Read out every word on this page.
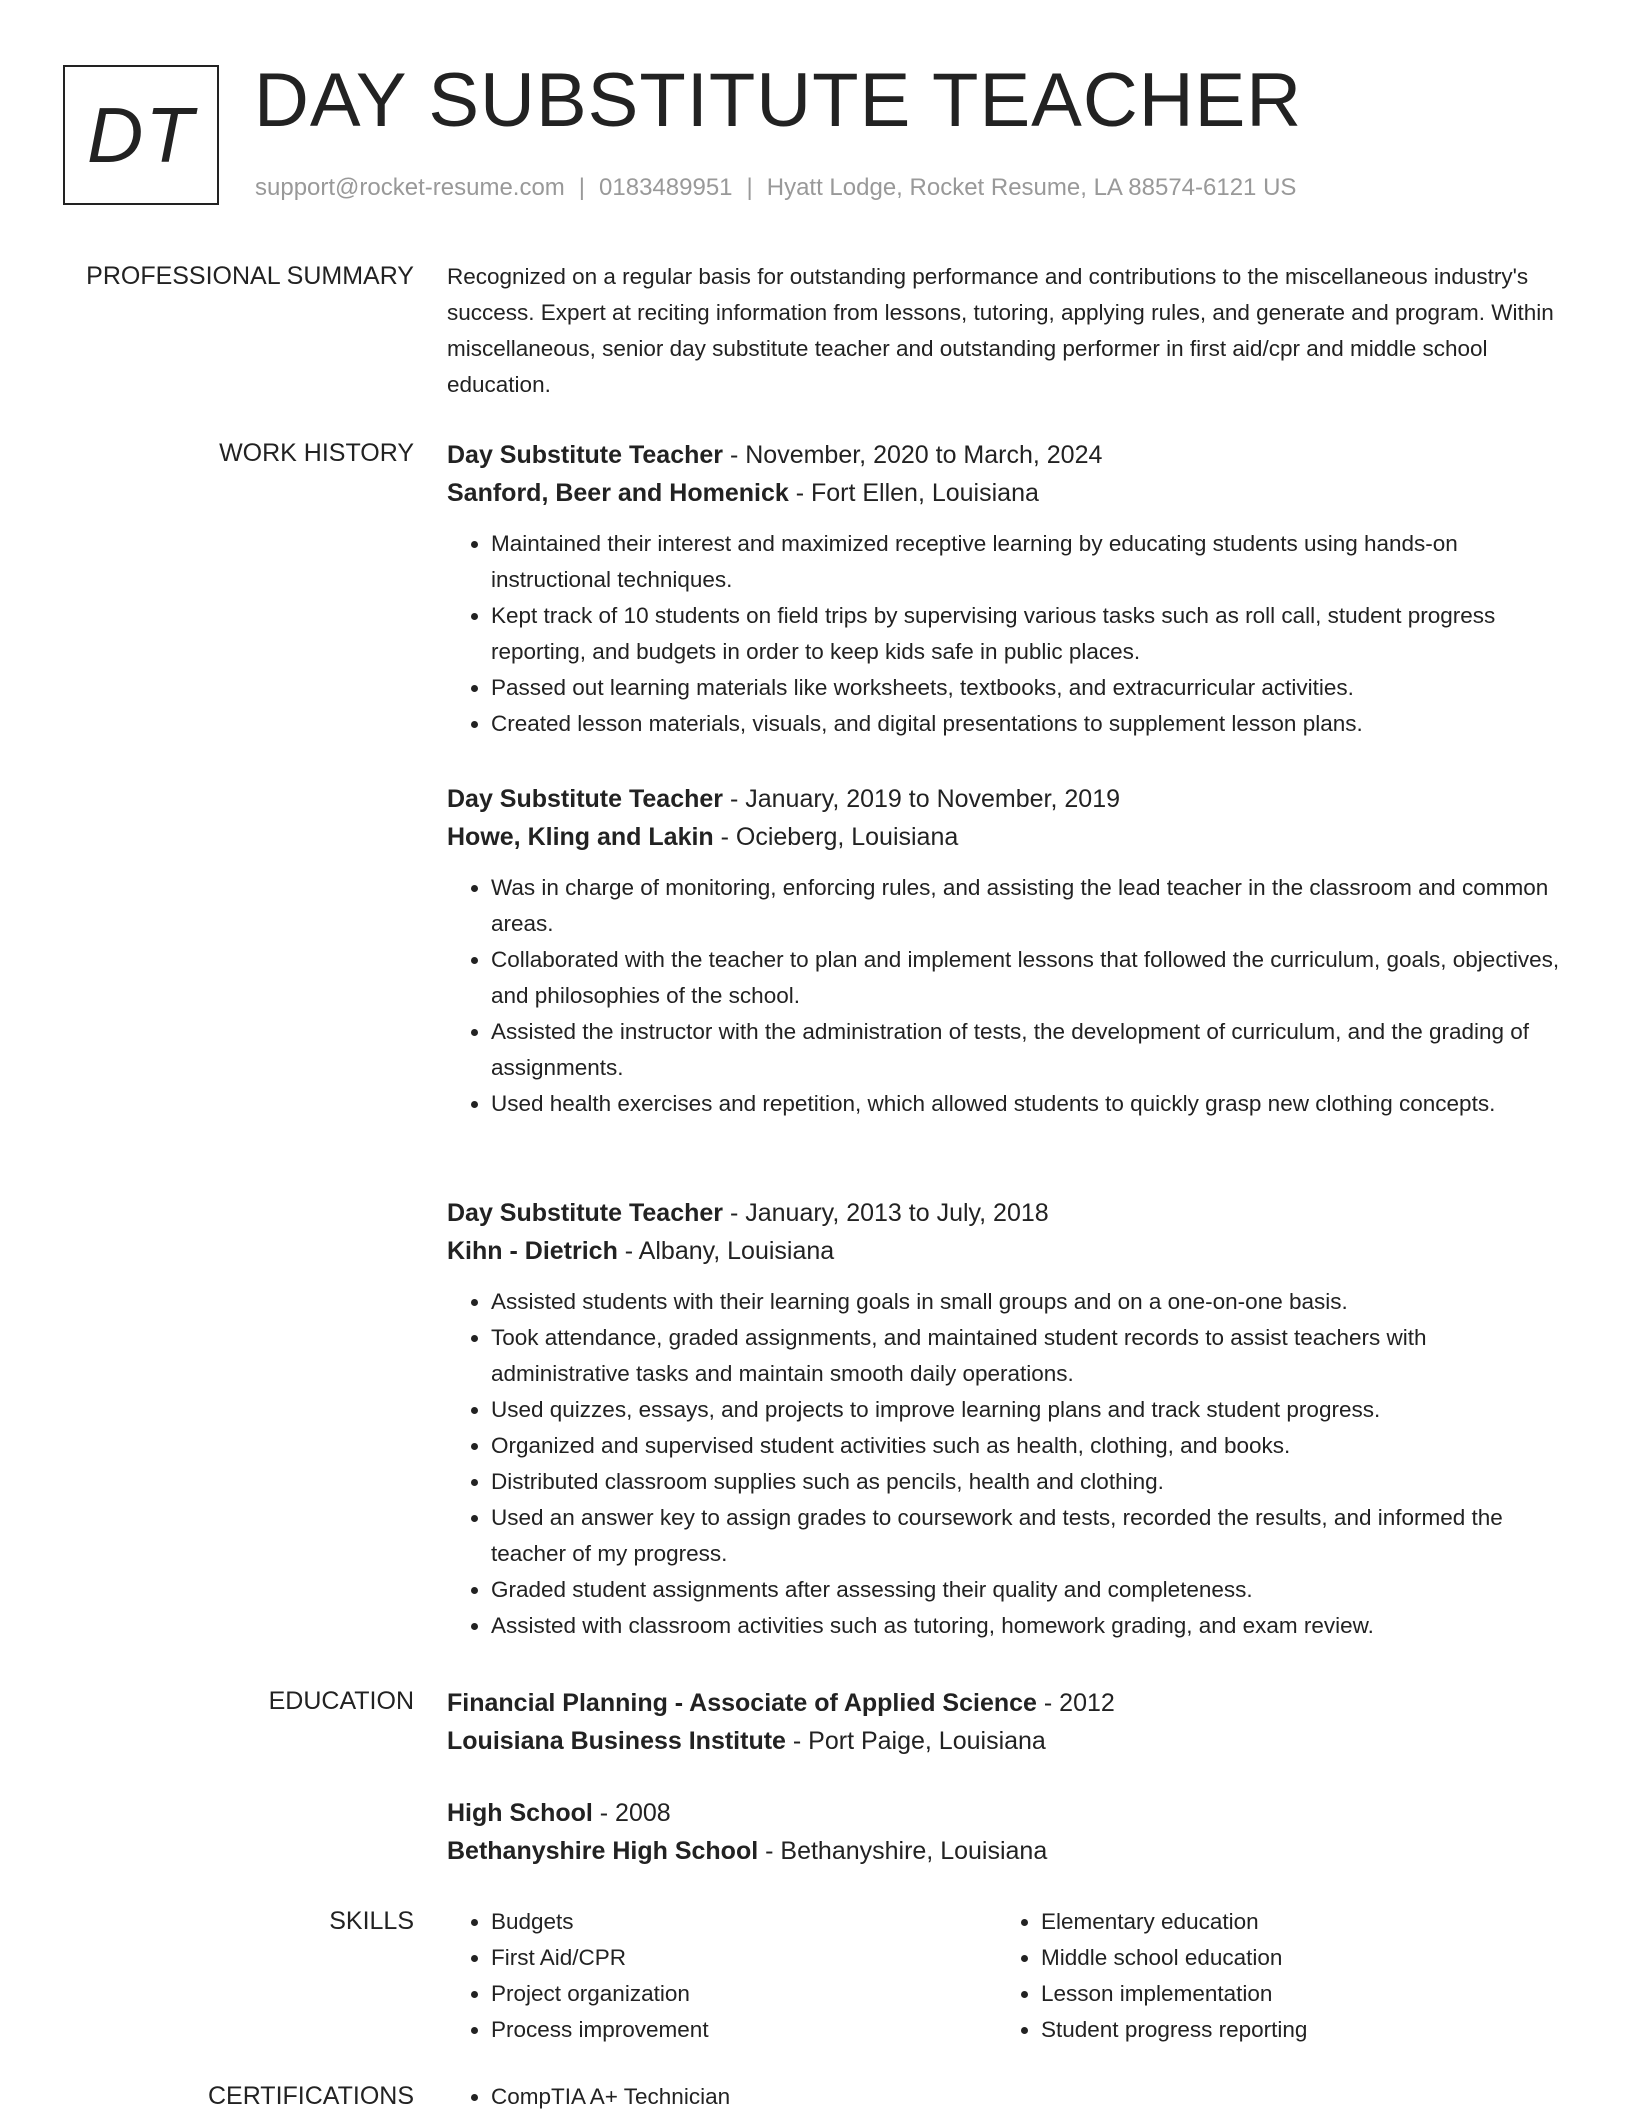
DT DAY SUBSTITUTE TEACHER
support@rocket-resume.com | 0183489951 | Hyatt Lodge, Rocket Resume, LA 88574-6121 US
PROFESSIONAL SUMMARY Recognized on a regular basis for outstanding performance and contributions to the miscellaneous industry's success. Expert at reciting information from lessons, tutoring, applying rules, and generate and program. Within miscellaneous, senior day substitute teacher and outstanding performer in first aid/cpr and middle school education.

WORK HISTORY Day Substitute Teacher - November, 2020 to March, 2024
Sanford, Beer and Homenick - Fort Ellen, Louisiana
• Maintained their interest and maximized receptive learning by educating students using hands-on instructional techniques.
• Kept track of 10 students on field trips by supervising various tasks such as roll call, student progress reporting, and budgets in order to keep kids safe in public places.
• Passed out learning materials like worksheets, textbooks, and extracurricular activities.
• Created lesson materials, visuals, and digital presentations to supplement lesson plans.
Day Substitute Teacher - January, 2019 to November, 2019
Howe, Kling and Lakin - Ocieberg, Louisiana
• Was in charge of monitoring, enforcing rules, and assisting the lead teacher in the classroom and common areas.
• Collaborated with the teacher to plan and implement lessons that followed the curriculum, goals, objectives, and philosophies of the school.
• Assisted the instructor with the administration of tests, the development of curriculum, and the grading of assignments.
• Used health exercises and repetition, which allowed students to quickly grasp new clothing concepts.
Day Substitute Teacher - January, 2013 to July, 2018
Kihn - Dietrich - Albany, Louisiana
• Assisted students with their learning goals in small groups and on a one-on-one basis.
• Took attendance, graded assignments, and maintained student records to assist teachers with administrative tasks and maintain smooth daily operations.
• Used quizzes, essays, and projects to improve learning plans and track student progress.
• Organized and supervised student activities such as health, clothing, and books.
• Distributed classroom supplies such as pencils, health and clothing.
• Used an answer key to assign grades to coursework and tests, recorded the results, and informed the teacher of my progress.
• Graded student assignments after assessing their quality and completeness.
• Assisted with classroom activities such as tutoring, homework grading, and exam review.
EDUCATION Financial Planning - Associate of Applied Science - 2012
Louisiana Business Institute - Port Paige, Louisiana
High School - 2008
Bethanyshire High School - Bethanyshire, Louisiana
SKILLS	• Budgets
• First Aid/CPR
• Project organization
• Process improvement
• Elementary education
• Middle school education
• Lesson implementation
• Student progress reporting
CERTIFICATIONS	• CompTIA A+ Technician
